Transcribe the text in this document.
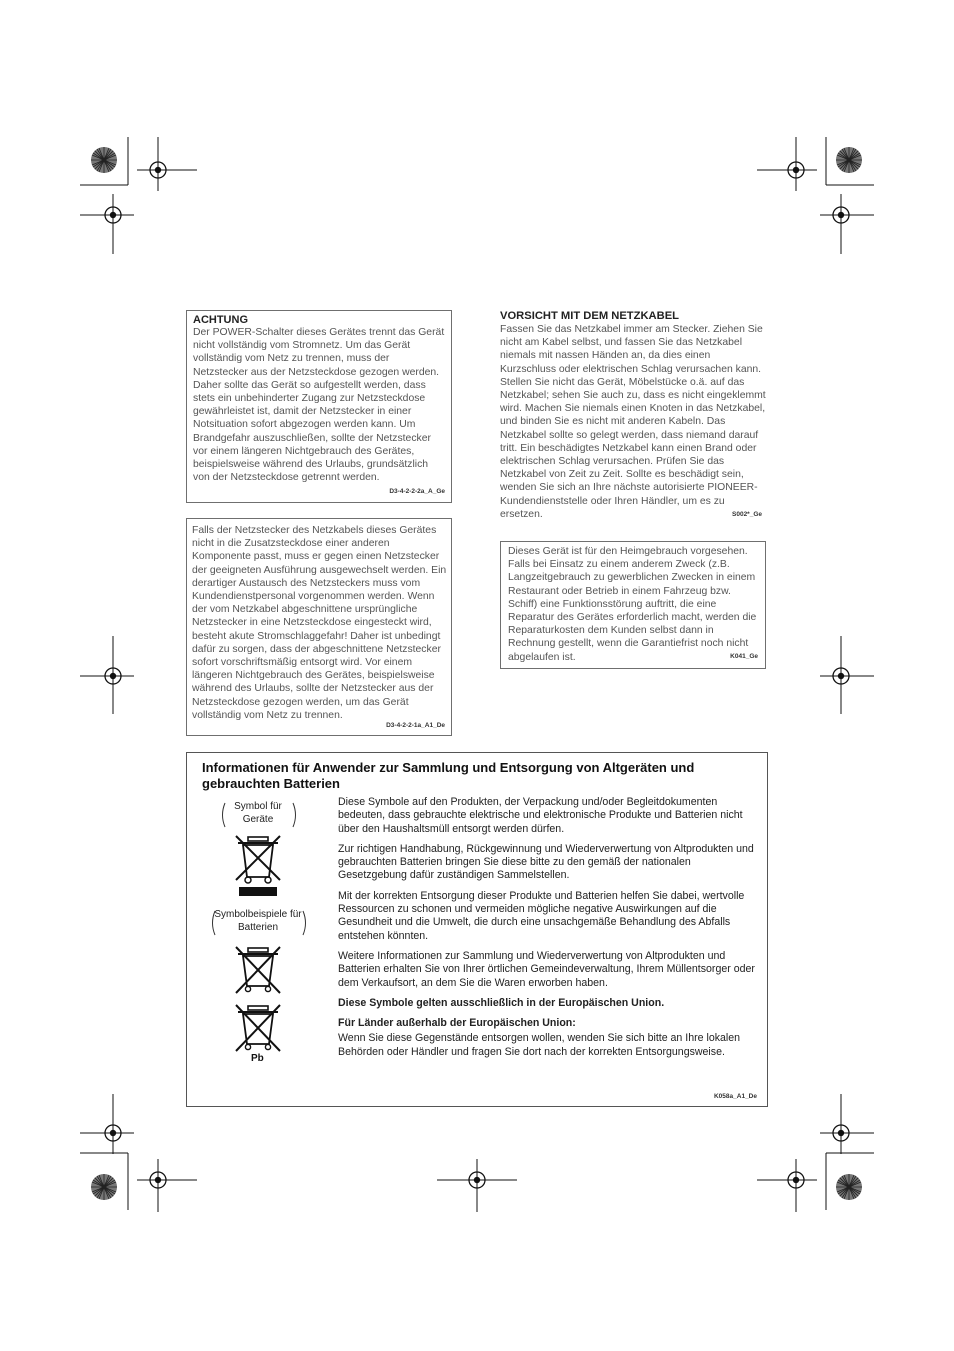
ACHTUNG

Der POWER-Schalter dieses Gerätes trennt das Gerät nicht vollständig vom Stromnetz. Um das Gerät vollständig vom Netz zu trennen, muss der Netzstecker aus der Netzsteckdose gezogen werden. Daher sollte das Gerät so aufgestellt werden, dass stets ein unbehinderter Zugang zur Netzsteckdose gewährleistet ist, damit der Netzstecker in einer Notsituation sofort abgezogen werden kann. Um Brandgefahr auszuschließen, sollte der Netzstecker vor einem längeren Nichtgebrauch des Gerätes, beispielsweise während des Urlaubs, grundsätzlich von der Netzsteckdose getrennt werden.

D3-4-2-2-2a_A_Ge

Falls der Netzstecker des Netzkabels dieses Gerätes nicht in die Zusatzsteckdose einer anderen Komponente passt, muss er gegen einen Netzstecker der geeigneten Ausführung ausgewechselt werden. Ein derartiger Austausch des Netzsteckers muss vom Kundendienstpersonal vorgenommen werden. Wenn der vom Netzkabel abgeschnittene ursprüngliche Netzstecker in eine Netzsteckdose eingesteckt wird, besteht akute Stromschlaggefahr! Daher ist unbedingt dafür zu sorgen, dass der abgeschnittene Netzstecker sofort vorschriftsmäßig entsorgt wird. Vor einem längeren Nichtgebrauch des Gerätes, beispielsweise während des Urlaubs, sollte der Netzstecker aus der Netzsteckdose gezogen werden, um das Gerät vollständig vom Netz zu trennen.

D3-4-2-2-1a_A1_De
VORSICHT MIT DEM NETZKABEL

Fassen Sie das Netzkabel immer am Stecker. Ziehen Sie nicht am Kabel selbst, und fassen Sie das Netzkabel niemals mit nassen Händen an, da dies einen Kurzschluss oder elektrischen Schlag verursachen kann. Stellen Sie nicht das Gerät, Möbelstücke o.ä. auf das Netzkabel; sehen Sie auch zu, dass es nicht eingeklemmt wird. Machen Sie niemals einen Knoten in das Netzkabel, und binden Sie es nicht mit anderen Kabeln. Das Netzkabel sollte so gelegt werden, dass niemand darauf tritt. Ein beschädigtes Netzkabel kann einen Brand oder elektrischen Schlag verursachen. Prüfen Sie das Netzkabel von Zeit zu Zeit. Sollte es beschädigt sein, wenden Sie sich an Ihre nächste autorisierte PIONEER-Kundendienststelle oder Ihren Händler, um es zu ersetzen.	S002*_Ge

Dieses Gerät ist für den Heimgebrauch vorgesehen. Falls bei Einsatz zu einem anderem Zweck (z.B. Langzeitgebrauch zu gewerblichen Zwecken in einem Restaurant oder Betrieb in einem Fahrzeug bzw. Schiff) eine Funktionsstörung auftritt, die eine Reparatur des Gerätes erforderlich macht, werden die Reparaturkosten dem Kunden selbst dann in Rechnung gestellt, wenn die Garantiefrist noch nicht abgelaufen ist.	K041_Ge
Informationen für Anwender zur Sammlung und Entsorgung von Altgeräten und gebrauchten Batterien
Symbol für Geräte
Symbolbeispiele für Batterien
Pb

Diese Symbole auf den Produkten, der Verpackung und/oder Begleitdokumenten bedeuten, dass gebrauchte elektrische und elektronische Produkte und Batterien nicht über den Haushaltsmüll entsorgt werden dürfen.

Zur richtigen Handhabung, Rückgewinnung und Wiederverwertung von Altprodukten und gebrauchten Batterien bringen Sie diese bitte zu den gemäß der nationalen Gesetzgebung dafür zuständigen Sammelstellen.

Mit der korrekten Entsorgung dieser Produkte und Batterien helfen Sie dabei, wertvolle Ressourcen zu schonen und vermeiden mögliche negative Auswirkungen auf die Gesundheit und die Umwelt, die durch eine unsachgemäße Behandlung des Abfalls entstehen könnten.

Weitere Informationen zur Sammlung und Wiederverwertung von Altprodukten und Batterien erhalten Sie von Ihrer örtlichen Gemeindeverwaltung, Ihrem Müllentsorger oder dem Verkaufsort, an dem Sie die Waren erworben haben.

Diese Symbole gelten ausschließlich in der Europäischen Union.

Für Länder außerhalb der Europäischen Union:

Wenn Sie diese Gegenstände entsorgen wollen, wenden Sie sich bitte an Ihre lokalen Behörden oder Händler und fragen Sie dort nach der korrekten Entsorgungsweise.

K058a_A1_De
